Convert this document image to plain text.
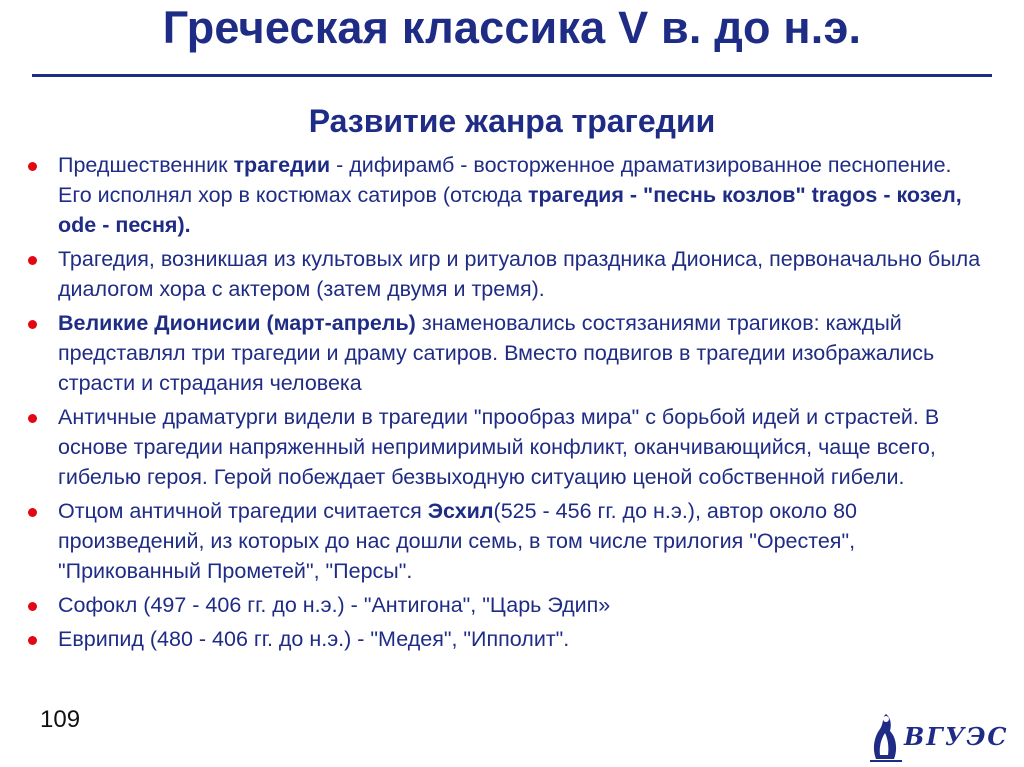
Греческая классика V в. до н.э.
Развитие жанра трагедии
Предшественник трагедии - дифирамб - восторженное драматизированное песнопение. Его исполнял хор в костюмах сатиров (отсюда трагедия - "песнь козлов" tragos - козел, ode - песня).
Трагедия, возникшая из культовых игр и ритуалов праздника Диониса, первоначально была диалогом хора с актером (затем двумя и тремя).
Великие Дионисии (март-апрель) знаменовались состязаниями трагиков: каждый представлял три трагедии и драму сатиров. Вместо подвигов в трагедии изображались страсти и страдания человека
Античные драматурги видели в трагедии "прообраз мира" с борьбой идей и страстей. В основе трагедии напряженный непримиримый конфликт, оканчивающийся, чаще всего, гибелью героя. Герой побеждает безвыходную ситуацию ценой собственной гибели.
Отцом античной трагедии считается Эсхил(525 - 456 гг. до н.э.), автор около 80 произведений, из которых до нас дошли семь, в том числе трилогия "Орестея", "Прикованный Прометей", "Персы".
Софокл (497 - 406 гг. до н.э.) - "Антигона", "Царь Эдип»
Еврипид (480 - 406 гг. до н.э.) - "Медея", "Ипполит".
109
ВГУЭС
